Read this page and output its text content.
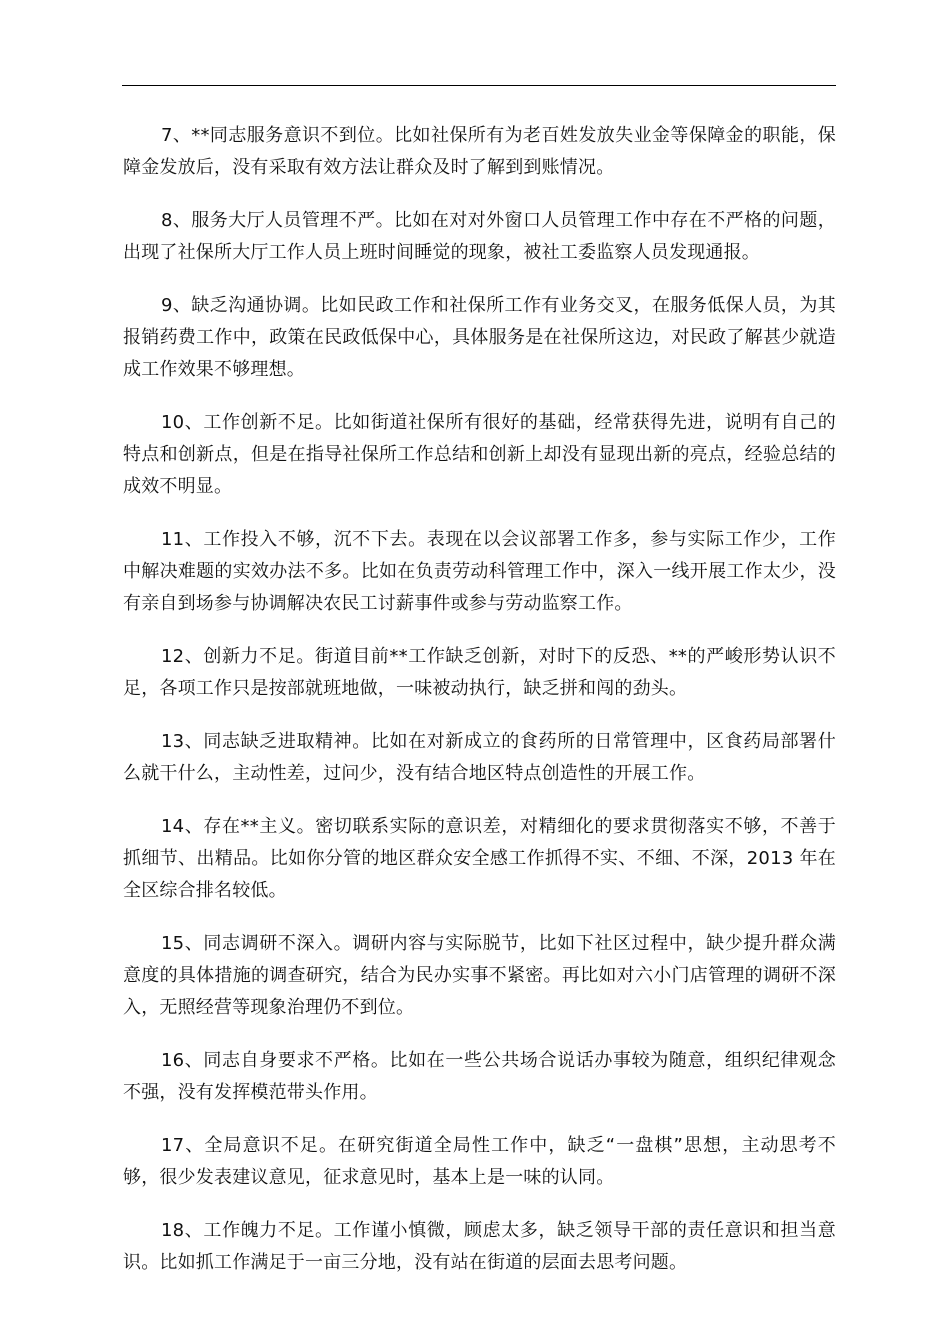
7、**同志服务意识不到位。比如社保所有为老百姓发放失业金等保障金的职能，保障金发放后，没有采取有效方法让群众及时了解到到账情况。

8、服务大厅人员管理不严。比如在对对外窗口人员管理工作中存在不严格的问题，出现了社保所大厅工作人员上班时间睡觉的现象，被社工委监察人员发现通报。

9、缺乏沟通协调。比如民政工作和社保所工作有业务交叉，在服务低保人员，为其报销药费工作中，政策在民政低保中心，具体服务是在社保所这边，对民政了解甚少就造成工作效果不够理想。

10、工作创新不足。比如街道社保所有很好的基础，经常获得先进，说明有自己的特点和创新点，但是在指导社保所工作总结和创新上却没有显现出新的亮点，经验总结的成效不明显。

11、工作投入不够，沉不下去。表现在以会议部署工作多，参与实际工作少，工作中解决难题的实效办法不多。比如在负责劳动科管理工作中，深入一线开展工作太少，没有亲自到场参与协调解决农民工讨薪事件或参与劳动监察工作。

12、创新力不足。街道目前**工作缺乏创新，对时下的反恐、**的严峻形势认识不足，各项工作只是按部就班地做，一味被动执行，缺乏拼和闯的劲头。

13、同志缺乏进取精神。比如在对新成立的食药所的日常管理中，区食药局部署什么就干什么，主动性差，过问少，没有结合地区特点创造性的开展工作。

14、存在**主义。密切联系实际的意识差，对精细化的要求贯彻落实不够，不善于抓细节、出精品。比如你分管的地区群众安全感工作抓得不实、不细、不深，2013 年在全区综合排名较低。

15、同志调研不深入。调研内容与实际脱节，比如下社区过程中，缺少提升群众满意度的具体措施的调查研究，结合为民办实事不紧密。再比如对六小门店管理的调研不深入，无照经营等现象治理仍不到位。

16、同志自身要求不严格。比如在一些公共场合说话办事较为随意，组织纪律观念不强，没有发挥模范带头作用。

17、全局意识不足。在研究街道全局性工作中，缺乏“一盘棋”思想，主动思考不够，很少发表建议意见，征求意见时，基本上是一味的认同。

18、工作魄力不足。工作谨小慎微，顾虑太多，缺乏领导干部的责任意识和担当意识。比如抓工作满足于一亩三分地，没有站在街道的层面去思考问题。
